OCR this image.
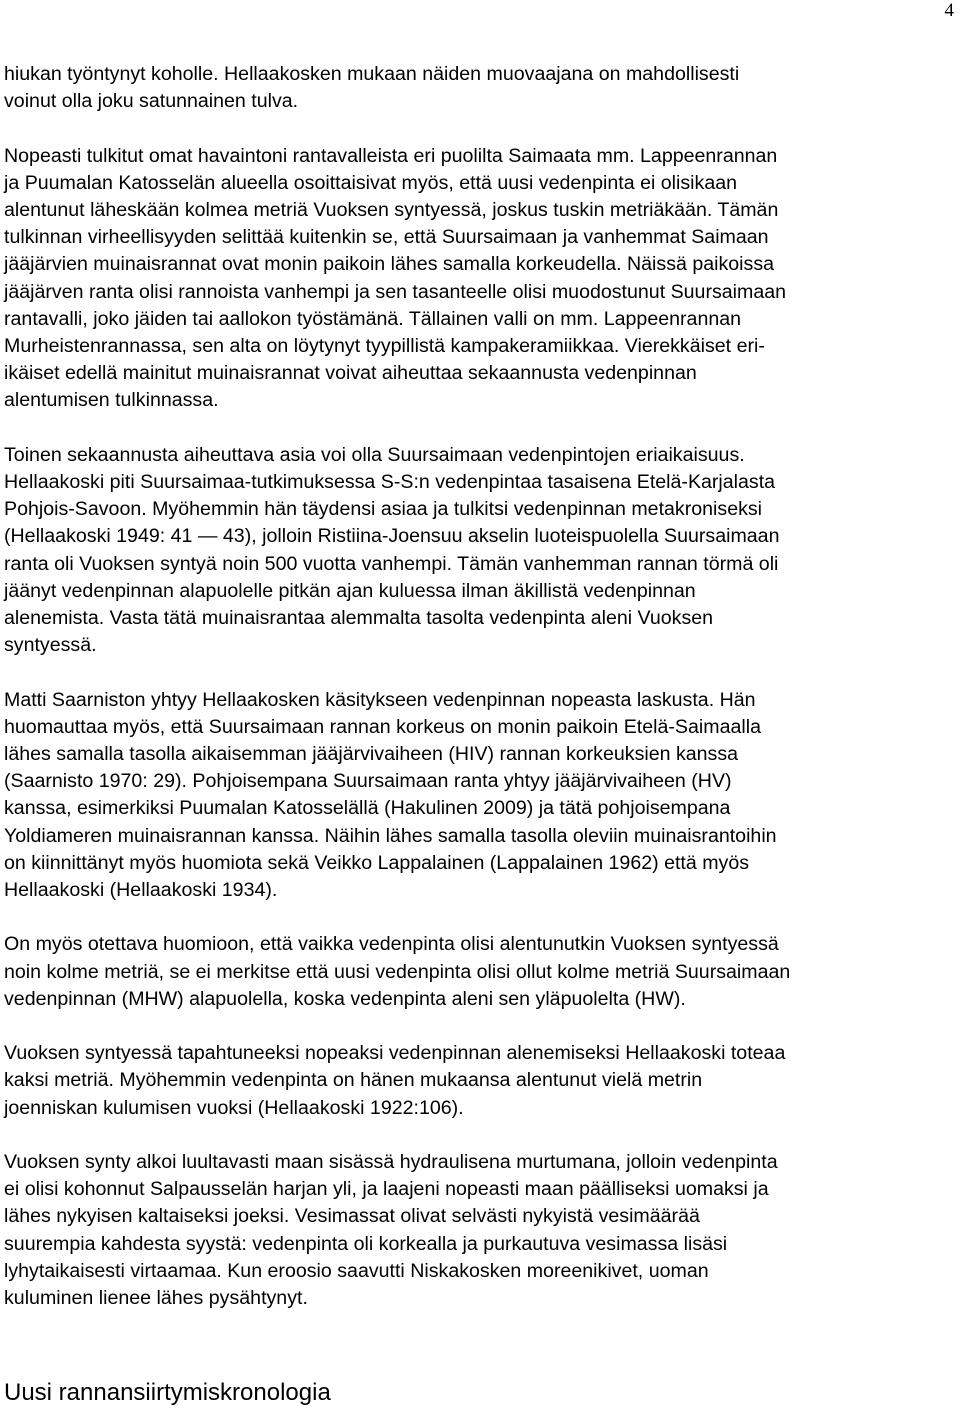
4

hiukan työntynyt koholle. Hellaakosken mukaan näiden muovaajana on mahdollisesti
voinut olla joku satunnainen tulva.

Nopeasti tulkitut omat havaintoni rantavalleista eri puolilta Saimaata mm. Lappeenrannan
ja Puumalan Katosselän alueella osoittaisivat myös, että uusi vedenpinta ei olisikaan
alentunut läheskään kolmea metriä Vuoksen syntyessä, joskus tuskin metriäkään. Tämän
tulkinnan virheellisyyden selittää kuitenkin se, että Suursaimaan ja vanhemmat Saimaan
jääjärvien muinaisrannat ovat monin paikoin lähes samalla korkeudella. Näissä paikoissa
jääjärven ranta olisi rannoista vanhempi ja sen tasanteelle olisi muodostunut Suursaimaan
rantavalli, joko jäiden tai aallokon työstämänä. Tällainen valli on mm. Lappeenrannan
Murheistenrannassa, sen alta on löytynyt tyypillistä kampakeramiikkaa. Vierekkäiset eri-
ikäiset edellä mainitut muinaisrannat voivat aiheuttaa sekaannusta vedenpinnan
alentumisen tulkinnassa.

Toinen sekaannusta aiheuttava asia voi olla Suursaimaan vedenpintojen eriaikaisuus.
Hellaakoski piti Suursaimaa-tutkimuksessa S-S:n vedenpintaa tasaisena Etelä-Karjalasta
Pohjois-Savoon. Myöhemmin hän täydensi asiaa ja tulkitsi vedenpinnan metakroniseksi
(Hellaakoski 1949: 41 — 43), jolloin Ristiina-Joensuu akselin luoteispuolella Suursaimaan
ranta oli Vuoksen syntyä noin 500 vuotta vanhempi. Tämän vanhemman rannan törmä oli
jäänyt vedenpinnan alapuolelle pitkän ajan kuluessa ilman äkillistä vedenpinnan
alenemista. Vasta tätä muinaisrantaa alemmalta tasolta vedenpinta aleni Vuoksen
syntyessä.

Matti Saarniston yhtyy Hellaakosken käsitykseen vedenpinnan nopeasta laskusta. Hän
huomauttaa myös, että Suursaimaan rannan korkeus on monin paikoin Etelä-Saimaalla
lähes samalla tasolla aikaisemman jääjärvivaiheen (HIV) rannan korkeuksien kanssa
(Saarnisto 1970: 29). Pohjoisempana Suursaimaan ranta yhtyy jääjärvivaiheen (HV)
kanssa, esimerkiksi Puumalan Katosselällä (Hakulinen 2009) ja tätä pohjoisempana
Yoldiameren muinaisrannan kanssa. Näihin lähes samalla tasolla oleviin muinaisrantoihin
on kiinnittänyt myös huomiota sekä Veikko Lappalainen (Lappalainen 1962) että myös
Hellaakoski (Hellaakoski 1934).

On myös otettava huomioon, että vaikka vedenpinta olisi alentunutkin Vuoksen syntyessä
noin kolme metriä, se ei merkitse että uusi vedenpinta olisi ollut kolme metriä Suursaimaan
vedenpinnan (MHW) alapuolella, koska vedenpinta aleni sen yläpuolelta (HW).

Vuoksen syntyessä tapahtuneeksi nopeaksi vedenpinnan alenemiseksi Hellaakoski toteaa
kaksi metriä. Myöhemmin vedenpinta on hänen mukaansa alentunut vielä metrin
joenniskan kulumisen vuoksi (Hellaakoski 1922:106).

Vuoksen synty alkoi luultavasti maan sisässä hydraulisena murtumana, jolloin vedenpinta
ei olisi kohonnut Salpausselän harjan yli, ja laajeni nopeasti maan päälliseksi uomaksi ja
lähes nykyisen kaltaiseksi joeksi. Vesimassat olivat selvästi nykyistä vesimäärää
suurempia kahdesta syystä: vedenpinta oli korkealla ja purkautuva vesimassa lisäsi
lyhytaikaisesti virtaamaa. Kun eroosio saavutti Niskakosken moreenikivet, uoman
kuluminen lienee lähes pysähtynyt.

Uusi rannansiirtymiskronologia
